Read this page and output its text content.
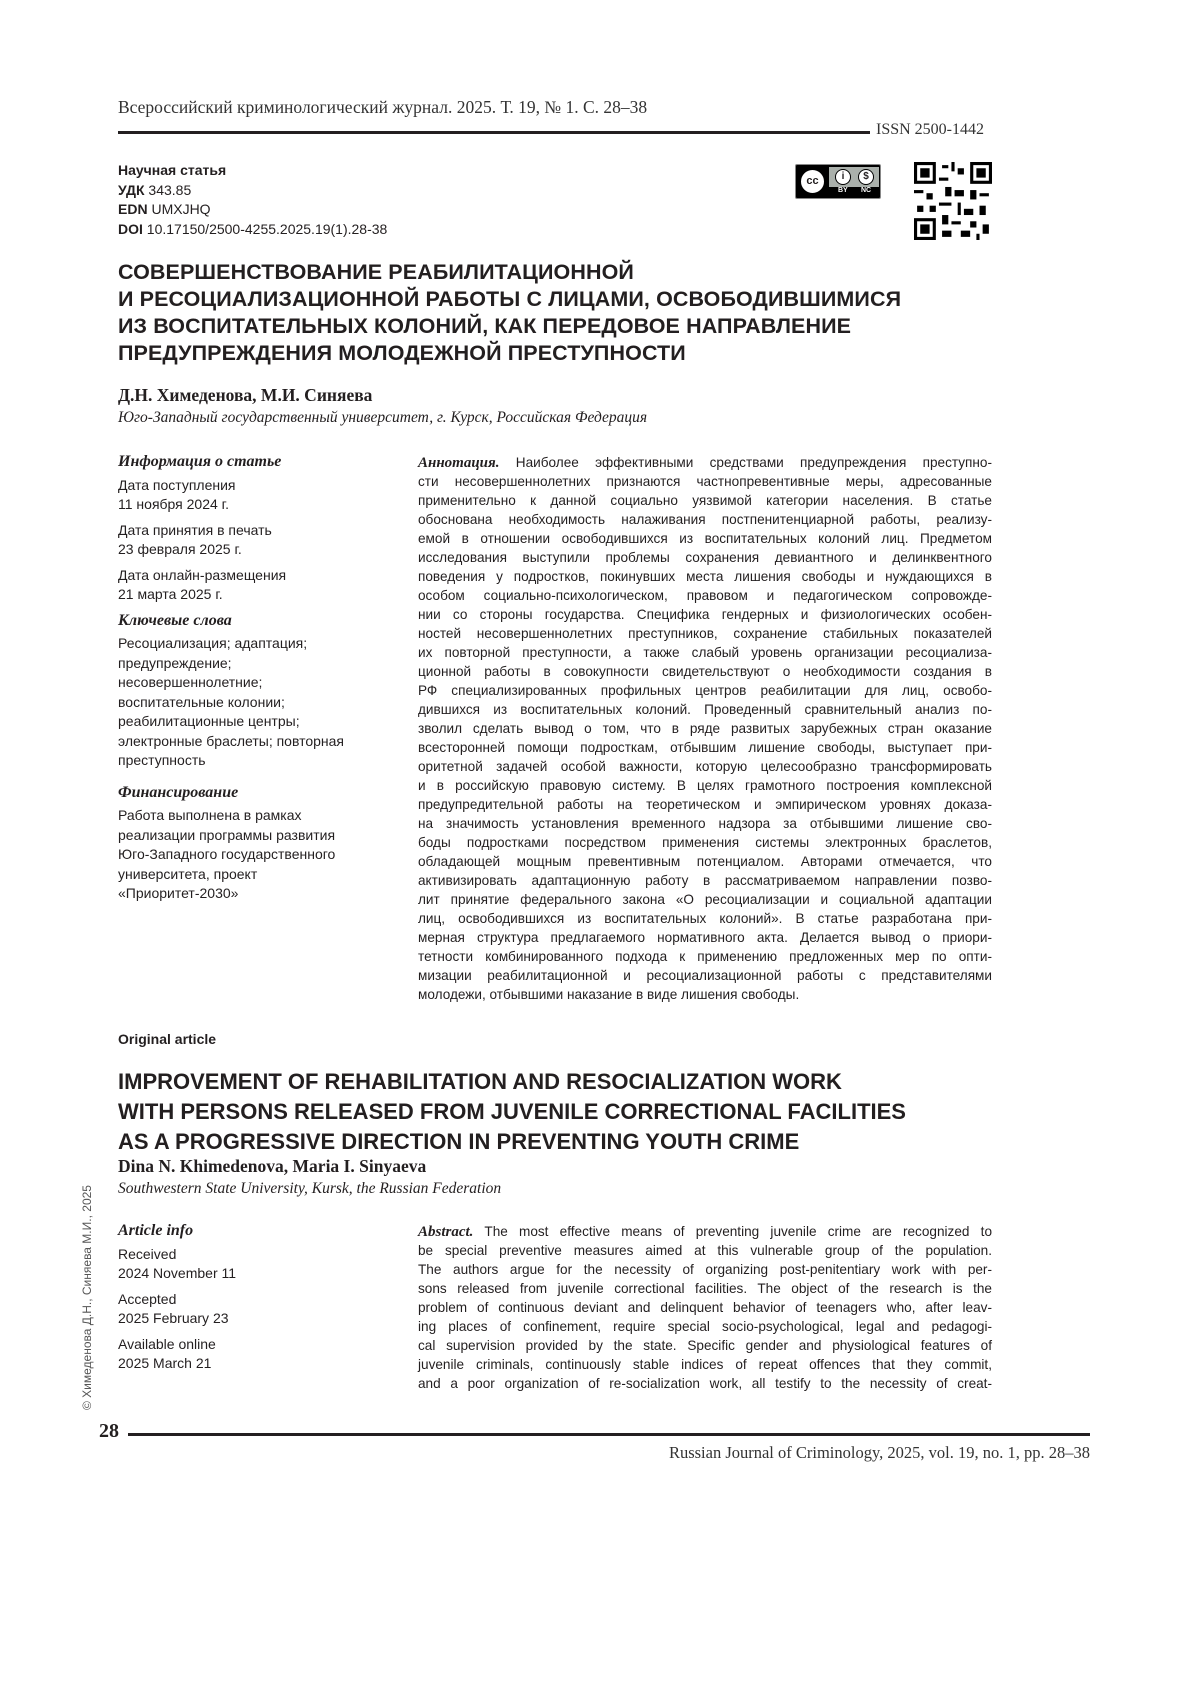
Всероссийский криминологический журнал. 2025. Т. 19, № 1. С. 28–38
ISSN 2500-1442
Научная статья
УДК 343.85
EDN UMXJHQ
DOI 10.17150/2500-4255.2025.19(1).28-38
cc	i	$
BY NC
СОВЕРШЕНСТВОВАНИЕ РЕАБИЛИТАЦИОННОЙ
И РЕСОЦИАЛИЗАЦИОННОЙ РАБОТЫ С ЛИЦАМИ, ОСВОБОДИВШИМИСЯ
ИЗ ВОСПИТАТЕЛЬНЫХ КОЛОНИЙ, КАК ПЕРЕДОВОЕ НАПРАВЛЕНИЕ
ПРЕДУПРЕЖДЕНИЯ МОЛОДЕЖНОЙ ПРЕСТУПНОСТИ
Д.Н. Химеденова, М.И. Синяева
Юго-Западный государственный университет, г. Курск, Российская Федерация
Информация о статье
Дата поступления
11 ноября 2024 г.
Дата принятия в печать
23 февраля 2025 г.
Дата онлайн-размещения
21 марта 2025 г.
Ключевые слова
Ресоциализация; адаптация;
предупреждение;
несовершеннолетние;
воспитательные колонии;
реабилитационные центры;
электронные браслеты; повторная
преступность
Финансирование
Работа выполнена в рамках
реализации программы развития
Юго-Западного государственного
университета, проект
«Приоритет-2030»
Аннотация. Наиболее эффективными средствами предупреждения преступно-
сти несовершеннолетних признаются частнопревентивные меры, адресованные
применительно к данной социально уязвимой категории населения. В статье
обоснована необходимость налаживания постпенитенциарной работы, реализу-
емой в отношении освободившихся из воспитательных колоний лиц. Предметом
исследования выступили проблемы сохранения девиантного и делинквентного
поведения у подростков, покинувших места лишения свободы и нуждающихся в
особом социально-психологическом, правовом и педагогическом сопровожде-
нии со стороны государства. Специфика гендерных и физиологических особен-
ностей несовершеннолетних преступников, сохранение стабильных показателей
их повторной преступности, а также слабый уровень организации ресоциализа-
ционной работы в совокупности свидетельствуют о необходимости создания в
РФ специализированных профильных центров реабилитации для лиц, освобо-
дившихся из воспитательных колоний. Проведенный сравнительный анализ по-
зволил сделать вывод о том, что в ряде развитых зарубежных стран оказание
всесторонней помощи подросткам, отбывшим лишение свободы, выступает при-
оритетной задачей особой важности, которую целесообразно трансформировать
и в российскую правовую систему. В целях грамотного построения комплексной
предупредительной работы на теоретическом и эмпирическом уровнях доказа-
на значимость установления временного надзора за отбывшими лишение сво-
боды подростками посредством применения системы электронных браслетов,
обладающей мощным превентивным потенциалом. Авторами отмечается, что
активизировать адаптационную работу в рассматриваемом направлении позво-
лит принятие федерального закона «О ресоциализации и социальной адаптации
лиц, освободившихся из воспитательных колоний». В статье разработана при-
мерная структура предлагаемого нормативного акта. Делается вывод о приори-
тетности комбинированного подхода к применению предложенных мер по опти-
мизации реабилитационной и ресоциализационной работы с представителями
молодежи, отбывшими наказание в виде лишения свободы.
Original article
IMPROVEMENT OF REHABILITATION AND RESOCIALIZATION WORK
WITH PERSONS RELEASED FROM JUVENILE CORRECTIONAL FACILITIES
AS A PROGRESSIVE DIRECTION IN PREVENTING YOUTH CRIME
Dina N. Khimedenova, Maria I. Sinyaeva
Southwestern State University, Kursk, the Russian Federation
Article info
Received
2024 November 11
Accepted
2025 February 23
Available online
2025 March 21
Abstract. The most effective means of preventing juvenile crime are recognized to
be special preventive measures aimed at this vulnerable group of the population.
The authors argue for the necessity of organizing post-penitentiary work with per-
sons released from juvenile correctional facilities. The object of the research is the
problem of continuous deviant and delinquent behavior of teenagers who, after leav-
ing places of confinement, require special socio-psychological, legal and pedagogi-
cal supervision provided by the state. Specific gender and physiological features of
juvenile criminals, continuously stable indices of repeat offences that they commit,
and a poor organization of re-socialization work, all testify to the necessity of creat-
© Химеденова Д.Н., Синяева М.И., 2025
28
Russian Journal of Criminology, 2025, vol. 19, no. 1, pp. 28–38
